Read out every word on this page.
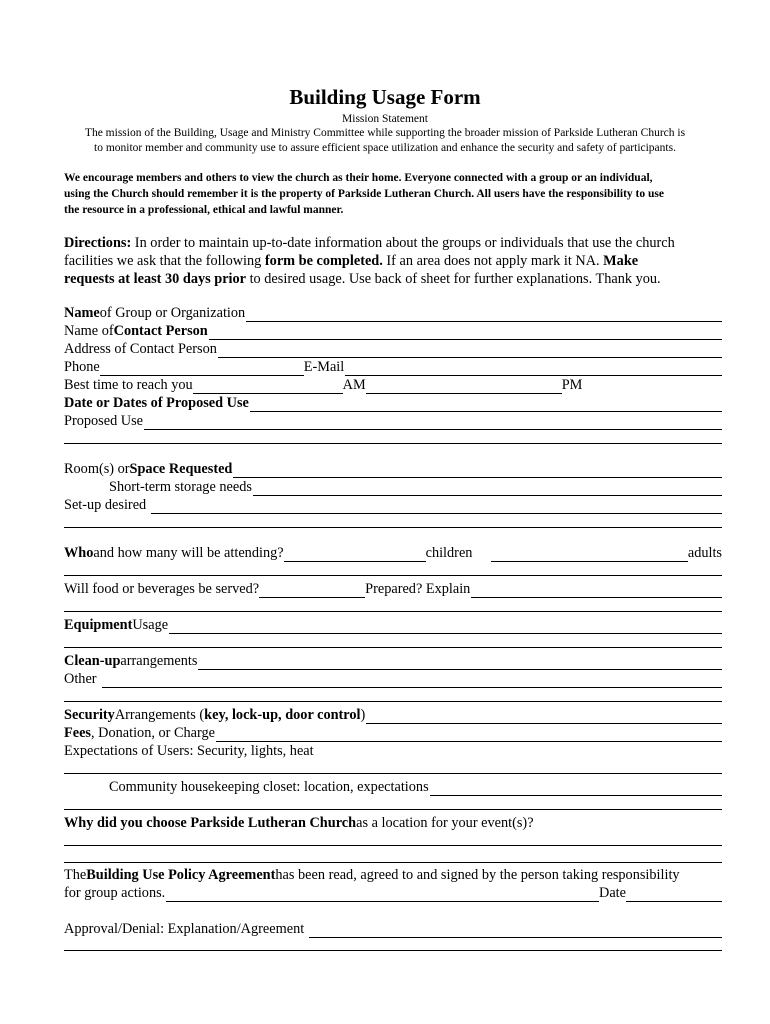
Building Usage Form
Mission Statement
The mission of the Building, Usage and Ministry Committee while supporting the broader mission of Parkside Lutheran Church is
to monitor member and community use to assure efficient space utilization and enhance the security and safety of participants.
We encourage members and others to view the church as their home. Everyone connected with a group or an individual,
using the Church should remember it is the property of Parkside Lutheran Church. All users have the responsibility to use
the resource in a professional, ethical and lawful manner.
Directions: In order to maintain up-to-date information about the groups or individuals that use the church
facilities we ask that the following form be completed. If an area does not apply mark it NA. Make
requests at least 30 days prior to desired usage. Use back of sheet for further explanations. Thank you.
Name of Group or Organization
Name of Contact Person
Address of Contact Person
Phone	E-Mail
Best time to reach you	AM	PM
Date or Dates of Proposed Use
Proposed Use
Room(s) or Space Requested
Short-term storage needs
Set-up desired
Who and how many will be attending?	children	adults
Will food or beverages be served?	Prepared? Explain
Equipment Usage
Clean-up arrangements
Other
Security Arrangements ( key, lock-up, door control )
Fees , Donation, or Charge
Expectations of Users: Security, lights, heat
Community housekeeping closet: location, expectations
Why did you choose Parkside Lutheran Church as a location for your event(s)?
The Building Use Policy Agreement has been read, agreed to and signed by the person taking responsibility
for group actions.	Date
Approval/Denial: Explanation/Agreement
